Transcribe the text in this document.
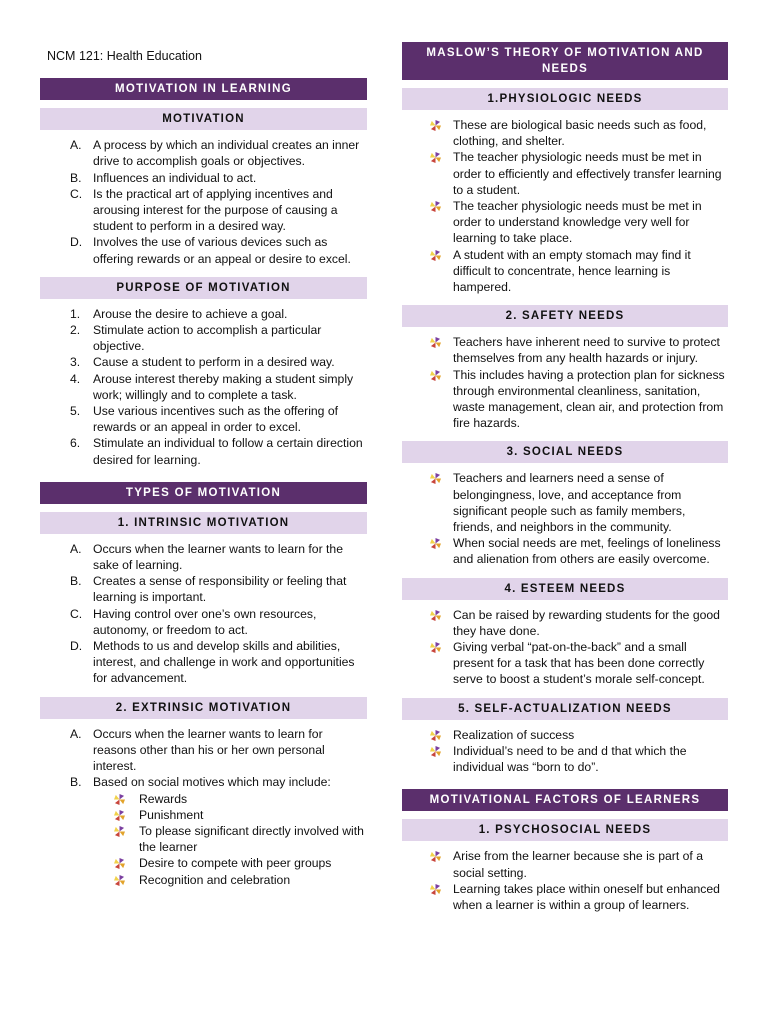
NCM 121: Health Education
MOTIVATION IN LEARNING
MOTIVATION
A. A process by which an individual creates an inner drive to accomplish goals or objectives.
B. Influences an individual to act.
C. Is the practical art of applying incentives and arousing interest for the purpose of causing a student to perform in a desired way.
D. Involves the use of various devices such as offering rewards or an appeal or desire to excel.
PURPOSE OF MOTIVATION
1. Arouse the desire to achieve a goal.
2. Stimulate action to accomplish a particular objective.
3. Cause a student to perform in a desired way.
4. Arouse interest thereby making a student simply work; willingly and to complete a task.
5. Use various incentives such as the offering of rewards or an appeal in order to excel.
6. Stimulate an individual to follow a certain direction desired for learning.
TYPES OF MOTIVATION
1. INTRINSIC MOTIVATION
A. Occurs when the learner wants to learn for the sake of learning.
B. Creates a sense of responsibility or feeling that learning is important.
C. Having control over one’s own resources, autonomy, or freedom to act.
D. Methods to us and develop skills and abilities, interest, and challenge in work and opportunities for advancement.
2. EXTRINSIC MOTIVATION
A. Occurs when the learner wants to learn for reasons other than his or her own personal interest.
B. Based on social motives which may include:
Rewards
Punishment
To please significant directly involved with the learner
Desire to compete with peer groups
Recognition and celebration
MASLOW’S THEORY OF MOTIVATION AND NEEDS
1.PHYSIOLOGIC NEEDS
These are biological basic needs such as food, clothing, and shelter.
The teacher physiologic needs must be met in order to efficiently and effectively transfer learning to a student.
The teacher physiologic needs must be met in order to understand knowledge very well for learning to take place.
A student with an empty stomach may find it difficult to concentrate, hence learning is hampered.
2. SAFETY NEEDS
Teachers have inherent need to survive to protect themselves from any health hazards or injury.
This includes having a protection plan for sickness through environmental cleanliness, sanitation, waste management, clean air, and protection from fire hazards.
3. SOCIAL NEEDS
Teachers and learners need a sense of belongingness, love, and acceptance from significant people such as family members, friends, and neighbors in the community.
When social needs are met, feelings of loneliness and alienation from others are easily overcome.
4. ESTEEM NEEDS
Can be raised by rewarding students for the good they have done.
Giving verbal “pat-on-the-back” and a small present for a task that has been done correctly serve to boost a student’s morale self-concept.
5. SELF-ACTUALIZATION NEEDS
Realization of success
Individual’s need to be and d that which the individual was “born to do”.
MOTIVATIONAL FACTORS OF LEARNERS
1. PSYCHOSOCIAL NEEDS
Arise from the learner because she is part of a social setting.
Learning takes place within oneself but enhanced when a learner is within a group of learners.
